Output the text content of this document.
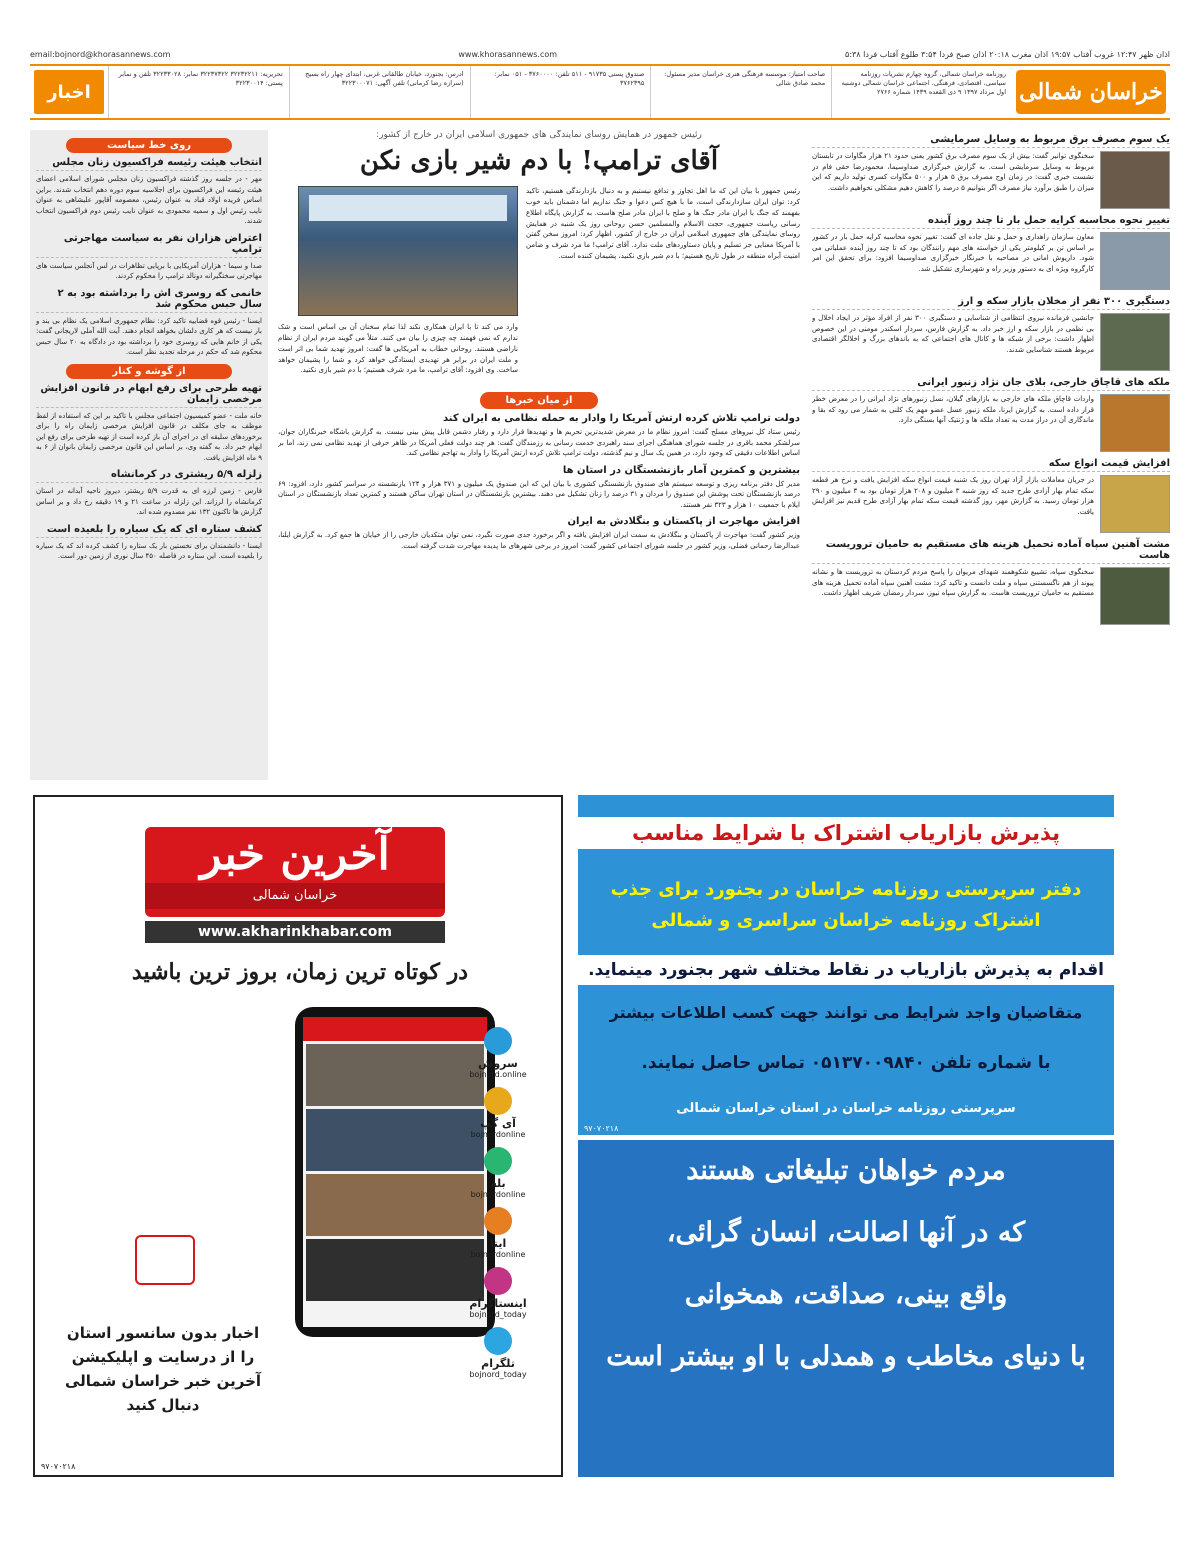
email:bojnord@khorasannews.com	www.khorasannews.com	اذان ظهر ۱۲:۴۷ غروب آفتاب ۱۹:۵۷ اذان مغرب ۲۰:۱۸ اذان صبح فردا ۳:۵۴ طلوع آفتاب فردا ۵:۳۸
خراسان شمالی
روزنامه خراسان شمالی، گروه چهارم نشریات روزنامه سیاسی، اقتصادی، فرهنگی، اجتماعی خراسان شمالی دوشنبه اول مرداد ۱۳۹۷ ۹ ذی القعده ۱۴۳۹ شماره ۲۷۶۶
صاحب امتیاز: موسسه فرهنگی هنری خراسان مدیر مسئول: محمد صادق شالی
صندوق پستی ۹۱۷۳۵ - ۵۱۱ تلفن: ۳۷۶۰۰۰۰ - ۰۵۱ نمابر: ۳۷۶۲۳۹۵
ادرس: بجنورد، خیابان طالقانی غربی، ابتدای چهار راه بسیج (سرازه رضا کرمانی) تلفن آگهی: ۳۲۲۳۰۰۰۷۱
تحریریه: ۳۲۲۳۲۲۱۱ ۳۲۲۳۷۳۲۲ نمابر: ۳۲۲۳۳۰۲۸ تلفن و نمابر پستی: ۳۲۲۳۰۰۱۴
اخبار
یک سوم مصرف برق مربوط به وسایل سرمایشی

سخنگوی توانیر گفت: بیش از یک سوم مصرف برق کشور یعنی حدود ۲۱ هزار مگاوات در تابستان مربوط به وسایل سرمایشی است. به گزارش خبرگزاری صداوسیما، محمودرضا حقی فام در نشست خبری گفت: در زمان اوج مصرف برق ۵ هزار و ۵۰۰ مگاوات کسری تولید داریم که این میزان را طبق برآورد نیاز مصرف اگر بتوانیم ۵ درصد را کاهش دهیم مشکلی نخواهیم داشت.

تغییر نحوه محاسبه کرایه حمل بار تا چند روز آینده

معاون سازمان راهداری و حمل و نقل جاده ای گفت: تغییر نحوه محاسبه کرایه حمل بار در کشور بر اساس تن بر کیلومتر یکی از خواسته های مهم رانندگان بود که تا چند روز آینده عملیاتی می شود. داریوش امانی در مصاحبه با خبرنگار خبرگزاری صداوسیما افزود: برای تحقق این امر کارگروه ویژه ای به دستور وزیر راه و شهرسازی تشکیل شد.

دستگیری ۳۰۰ نفر از مخلان بازار سکه و ارز

جانشین فرمانده نیروی انتظامی از شناسایی و دستگیری ۳۰۰ نفر از افراد مؤثر در ایجاد اخلال و بی نظمی در بازار سکه و ارز خبر داد. به گزارش فارس، سردار اسکندر مومنی در این خصوص اظهار داشت: برخی از شبکه ها و کانال های اجتماعی که به باندهای بزرگ و اخلالگر اقتصادی مربوط هستند شناسایی شدند.

ملکه های قاچاق خارجی، بلای جان نژاد زنبور ایرانی

واردات قاچاق ملکه های خارجی به بازارهای گیلان، نسل زنبورهای نژاد ایرانی را در معرض خطر قرار داده است. به گزارش ایرنا، ملکه زنبور عسل عضو مهم یک کلنی به شمار می رود که بقا و ماندگاری آن در دراز مدت به تعداد ملکه ها و ژنتیک آنها بستگی دارد.

افزایش قیمت انواع سکه

در جریان معاملات بازار آزاد تهران روز یک شنبه قیمت انواع سکه افزایش یافت و نرخ هر قطعه سکه تمام بهار آزادی طرح جدید که روز شنبه ۳ میلیون و ۲۰۸ هزار تومان بود به ۳ میلیون و ۲۹۰ هزار تومان رسید. به گزارش مهر، روز گذشته قیمت سکه تمام بهار آزادی طرح قدیم نیز افزایش یافت.

مشت آهنین سپاه آماده تحمیل هزینه های مستقیم به حامیان تروریست هاست

سخنگوی سپاه، تشییع شکوهمند شهدای مریوان را پاسخ مردم کردستان به تروریست ها و نشانه پیوند از هم ناگسستنی سپاه و ملت دانست و تاکید کرد: مشت آهنین سپاه آماده تحمیل هزینه های مستقیم به حامیان تروریست هاست. به گزارش سپاه نیوز، سردار رمضان شریف اظهار داشت.

رئیس جمهور در همایش روسای نمایندگی های جمهوری اسلامی ایران در خارج از کشور:
آقای ترامپ! با دم شیر بازی نکن
رئیس جمهور با بیان این که ما اهل تجاوز و تدافع نیستیم و به دنبال بازدارندگی هستیم، تاکید کرد: توان ایران سازدارندگی است، ما با هیچ کس دعوا و جنگ نداریم اما دشمنان باید خوب بفهمند که جنگ با ایران مادر جنگ ها و صلح با ایران مادر صلح هاست. به گزارش پایگاه اطلاع رسانی ریاست جمهوری، حجت الاسلام والمسلمین حسن روحانی روز یک شنبه در همایش روسای نمایندگی های جمهوری اسلامی ایران در خارج از کشور، اظهار کرد: امروز سخن گفتن با آمریکا معنایی جز تسلیم و پایان دستاوردهای ملت ندارد. آقای ترامپ! ما مرد شرف و ضامن امنیت آبراه منطقه در طول تاریخ هستیم؛ با دم شیر بازی نکنید، پشیمان کننده است.
وارد می کند تا با ایران همکاری نکند لذا تمام سخنان آن بی اساس است و شک ندارم که نمی فهمند چه چیزی را بیان می کنند. متلاً می گویند مردم ایران از نظام ناراضی هستند. روحانی خطاب به آمریکایی ها گفت: امروز تهدید شما بی اثر است و ملت ایران در برابر هر تهدیدی ایستادگی خواهد کرد و شما را پشیمان خواهد ساخت. وی افزود: آقای ترامپ، ما مرد شرف هستیم؛ با دم شیر بازی نکنید.
از میان خبرها
دولت ترامپ تلاش کرده ارتش آمریکا را وادار به حمله نظامی به ایران کند

رئیس ستاد کل نیروهای مسلح گفت: امروز نظام ما در معرض شدیدترین تحریم ها و تهدیدها قرار دارد و رفتار دشمن قابل پیش بینی نیست. به گزارش باشگاه خبرنگاران جوان، سرلشکر محمد باقری در جلسه شورای هماهنگی اجرای سند راهبردی خدمت رسانی به رزمندگان گفت: هر چند دولت فعلی آمریکا در ظاهر حرفی از تهدید نظامی نمی زند، اما بر اساس اطلاعات دقیقی که وجود دارد، در همین یک سال و نیم گذشته، دولت ترامپ تلاش کرده ارتش آمریکا را وادار به تهاجم نظامی کند.

بیشترین و کمترین آمار بازنشستگان در استان ها

مدیر کل دفتر برنامه ریزی و توسعه سیستم های صندوق بازنشستگی کشوری با بیان این که این صندوق یک میلیون و ۳۷۱ هزار و ۱۲۴ بازنشسته در سراسر کشور دارد، افزود: ۶۹ درصد بازنشستگان تحت پوشش این صندوق را مردان و ۳۱ درصد را زنان تشکیل می دهند. بیشترین بازنشستگان در استان تهران ساکن هستند و کمترین تعداد بازنشستگان در استان ایلام با جمعیت ۱۰ هزار و ۳۲۳ نفر هستند.

افزایش مهاجرت از پاکستان و بنگلادش به ایران

وزیر کشور گفت: مهاجرت از پاکستان و بنگلادش به سمت ایران افزایش یافته و اگر برخورد جدی صورت نگیرد، نمی توان متکدیان خارجی را از خیابان ها جمع کرد. به گزارش ایلنا، عبدالرضا رحمانی فضلی، وزیر کشور در جلسه شورای اجتماعی کشور گفت: امروز در برخی شهرهای ما پدیده مهاجرت شدت گرفته است.

روی خط سیاست
انتخاب هیئت رئیسه فراکسیون زنان مجلس

مهر - در جلسه روز گذشته فراکسیون زنان مجلس شورای اسلامی اعضای هیئت رئیسه این فراکسیون برای اجلاسیه سوم دوره دهم انتخاب شدند. براین اساس فریده اولاد قباد به عنوان رئیس، معصومه آقاپور علیشاهی به عنوان نایب رئیس اول و سمیه محمودی به عنوان نایب رئیس دوم فراکسیون انتخاب شدند.

اعتراض هزاران نفر به سیاست مهاجرتی ترامپ

صدا و سیما - هزاران آمریکایی با برپایی تظاهرات در لس آنجلس سیاست های مهاجرتی سختگیرانه دونالد ترامپ را محکوم کردند.

خانمی که روسری اش را برداشته بود به ۲ سال حبس محکوم شد

ایسنا - رئیس قوه قضاییه تاکید کرد: نظام جمهوری اسلامی یک نظام بی بند و بار نیست که هر کاری دلشان بخواهد انجام دهند. آیت الله آملی لاریجانی گفت: یکی از خانم هایی که روسری خود را برداشته بود در دادگاه به ۲۰ سال حبس محکوم شد که حکم در مرحله تجدید نظر است.

از گوشه و کنار
تهیه طرحی برای رفع ابهام در قانون افزایش مرخصی زایمان

خانه ملت - عضو کمیسیون اجتماعی مجلس با تاکید بر این که استفاده از لفظ موظف به جای مکلف در قانون افزایش مرخصی زایمان راه را برای برخوردهای سلیقه ای در اجرای آن باز کرده است از تهیه طرحی برای رفع این ابهام خبر داد. به گفته وی، بر اساس این قانون مرخصی زایمان بانوان از ۶ به ۹ ماه افزایش یافت.

زلزله ۵/۹ ریشتری در کرمانشاه

فارس - زمین لرزه ای به قدرت ۵/۹ ریشتر، دیروز ناحیه آبدانه در استان کرمانشاه را لرزاند. این زلزله در ساعت ۲۱ و ۱۹ دقیقه رخ داد و بر اساس گزارش ها تاکنون ۱۳۲ نفر مصدوم شده اند.

کشف ستاره ای که یک سیاره را بلعیده است

ایسنا - دانشمندان برای نخستین بار یک ستاره را کشف کرده اند که یک سیاره را بلعیده است. این ستاره در فاصله ۴۵۰ سال نوری از زمین دور است.

آخرین خبر
خراسان شمالی
www.akharinkhabar.com
در کوتاه ترین زمان، بروز ترین باشید
سروش
bojnord.online
آی گپ
bojnordonline
بله
bojnordonline
ایتا
bojnordonline
اینستاگرام
bojnord_today
تلگرام
bojnord_today
اخبار بدون سانسور استان را از درسایت و اپلیکیشن آخرین خبر خراسان شمالی دنبال کنید
۹۷۰۷۰۲۱۸
پذیرش بازاریاب اشتراک با شرایط مناسب
دفتر سرپرستی روزنامه خراسان در بجنورد برای جذب اشتراک روزنامه خراسان سراسری و شمالی
اقدام به پذیرش بازاریاب در نقاط مختلف شهر بجنورد مینماید.
متقاضیان واجد شرایط می توانند جهت کسب اطلاعات بیشتر
با شماره تلفن ۰۵۱۳۷۰۰۹۸۴۰ تماس حاصل نمایند.
سرپرستی روزنامه خراسان در استان خراسان شمالی
۹۷۰۷۰۲۱۸
مردم خواهان تبلیغاتی هستند
که در آنها اصالت، انسان گرائی،
واقع بینی، صداقت، همخوانی
با دنیای مخاطب و همدلی با او بیشتر است
